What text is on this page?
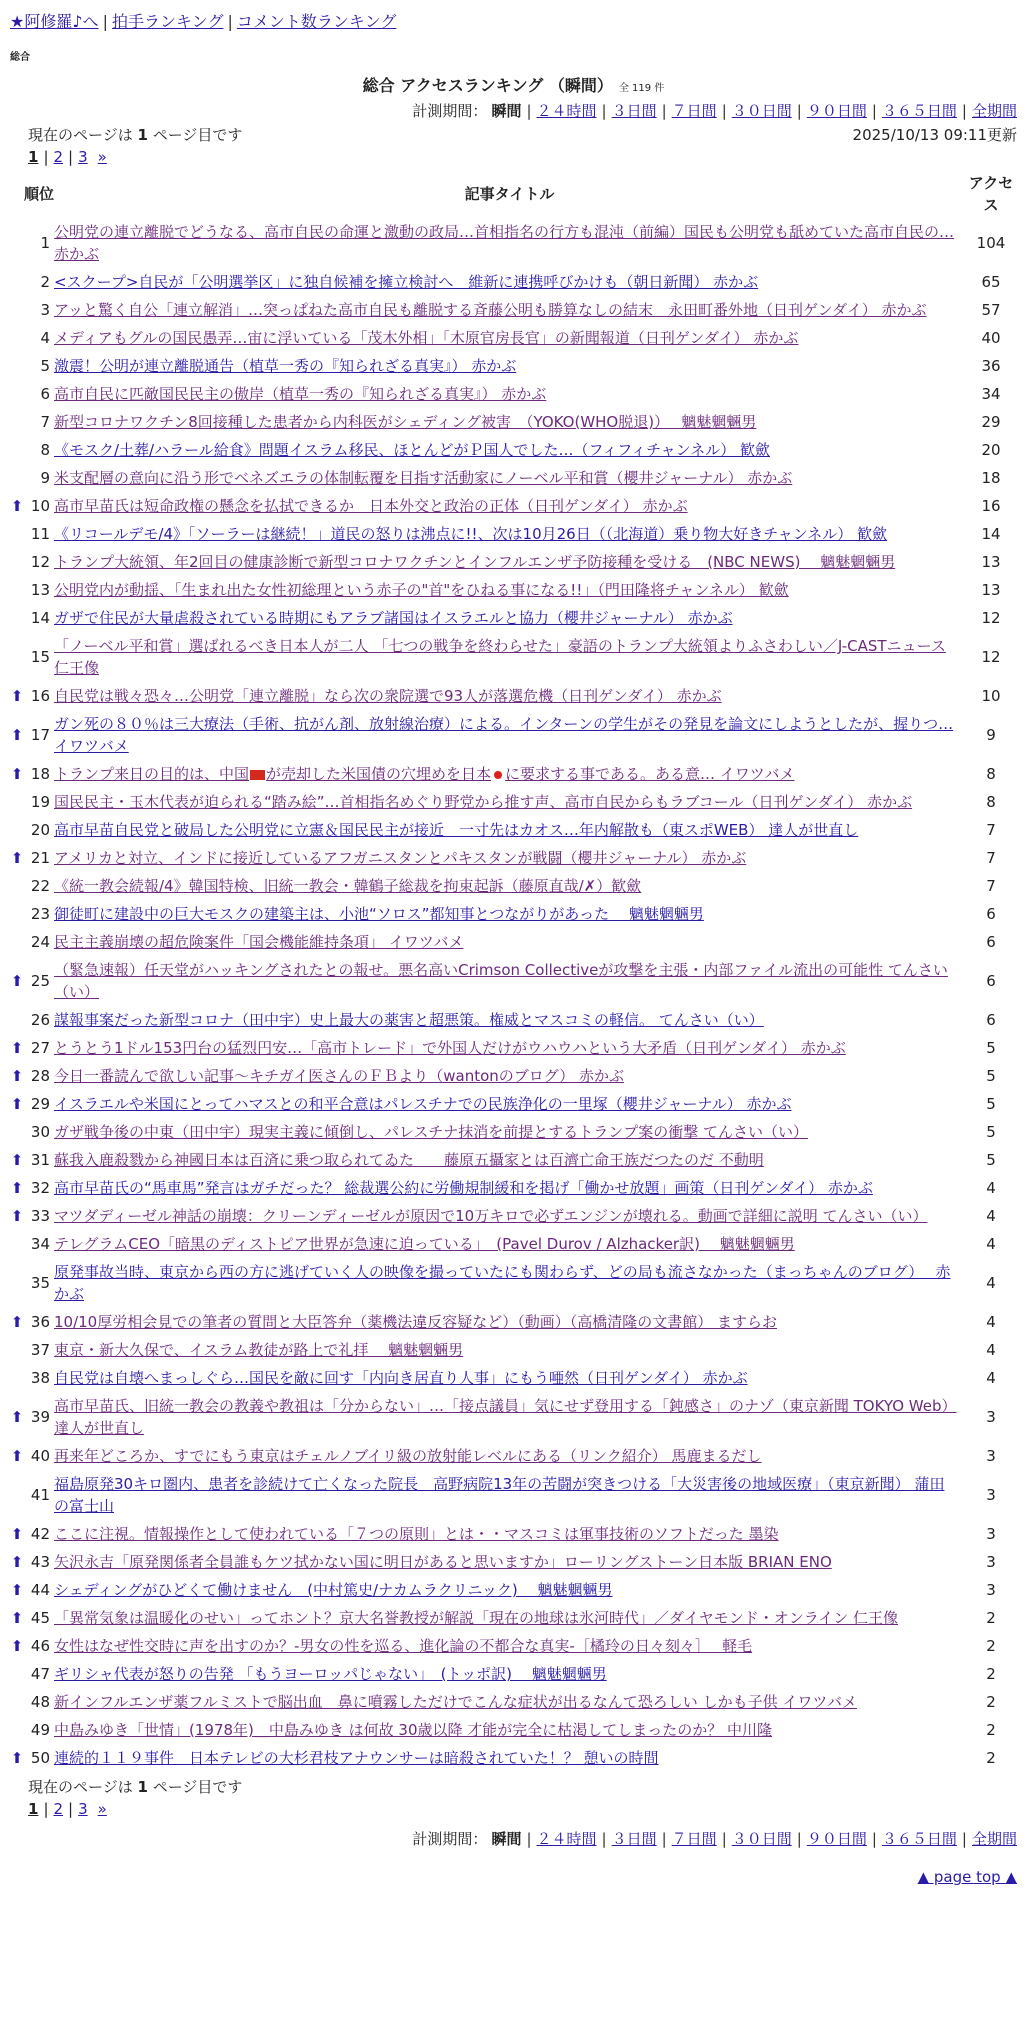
★阿修羅♪へ | 拍手ランキング | コメント数ランキング
総合
総合 アクセスランキング （瞬間） 全 119 件
計測期間： 瞬間 | ２４時間 | ３日間 | ７日間 | ３０日間 | ９０日間 | ３６５日間 | 全期間
現在のページは 1 ページ目です	2025/10/13 09:11更新
1 | 2 | 3 »
	順位	記事タイトル	アクセス
	1	公明党の連立離脱でどうなる、高市自民の命運と激動の政局…首相指名の行方も混沌（前編）国民も公明党も舐めていた高市自民の… 赤かぶ	104
	2	<スクープ>自民が「公明選挙区」に独自候補を擁立検討へ　維新に連携呼びかけも（朝日新聞） 赤かぶ	65
	3	アッと驚く自公「連立解消」…突っぱねた高市自民も離脱する斉藤公明も勝算なしの結末　永田町番外地（日刊ゲンダイ） 赤かぶ	57
	4	メディアもグルの国民愚弄…宙に浮いている「茂木外相」「木原官房長官」の新聞報道（日刊ゲンダイ） 赤かぶ	40
	5	激震！公明が連立離脱通告（植草一秀の『知られざる真実』） 赤かぶ	36
	6	高市自民に匹敵国民民主の傲岸（植草一秀の『知られざる真実』） 赤かぶ	34
	7	新型コロナワクチン8回接種した患者から内科医がシェディング被害　（YOKO(WHO脱退)）　 魑魅魍魎男	29
	8	《モスク/土葬/ハラール給食》問題イスラム移民、ほとんどがＰ国人でした…（フィフィチャンネル） 歓歛	20
	9	米支配層の意向に沿う形でベネズエラの体制転覆を目指す活動家にノーベル平和賞（櫻井ジャーナル） 赤かぶ	18
⬆	10	高市早苗氏は短命政権の懸念を払拭できるか　日本外交と政治の正体（日刊ゲンダイ） 赤かぶ	16
	11	《リコールデモ/4》「ソーラーは継続！」道民の怒りは沸点に!!、次は10月26日（（北海道）乗り物大好きチャンネル） 歓歛	14
	12	トランプ大統領、年2回目の健康診断で新型コロナワクチンとインフルエンザ予防接種を受ける　(NBC NEWS)　 魑魅魍魎男	13
	13	公明党内が動揺、「生まれ出た女性初総理という赤子の"首"をひねる事になる!!」（門田隆将チャンネル） 歓歛	13
	14	ガザで住民が大量虐殺されている時期にもアラブ諸国はイスラエルと協力（櫻井ジャーナル） 赤かぶ	12
	15	「ノーベル平和賞」選ばれるべき日本人が二人 「七つの戦争を終わらせた」豪語のトランプ大統領よりふさわしい／J-CASTニュース 仁王像	12
⬆	16	自民党は戦々恐々…公明党「連立離脱」なら次の衆院選で93人が落選危機（日刊ゲンダイ） 赤かぶ	10
⬆	17	ガン死の８０％は三大療法（手術、抗がん剤、放射線治療）による。インターンの学生がその発見を論文にしようとしたが、握りつ… イワツバメ	9
⬆	18	トランプ来日の目的は、中国 が売却した米国債の穴埋めを日本 に要求する事である。ある意… イワツバメ	8
	19	国民民主・玉木代表が迫られる“踏み絵”…首相指名めぐり野党から推す声、高市自民からもラブコール（日刊ゲンダイ） 赤かぶ	8
	20	高市早苗自民党と破局した公明党に立憲＆国民民主が接近　一寸先はカオス…年内解散も（東スポWEB） 達人が世直し	7
⬆	21	アメリカと対立、インドに接近しているアフガニスタンとパキスタンが戦闘（櫻井ジャーナル） 赤かぶ	7
	22	《統一教会続報/4》韓国特検、旧統一教会・韓鶴子総裁を拘束起訴（藤原直哉/✗）歓歛	7
	23	御徒町に建設中の巨大モスクの建築主は、小池“ソロス”都知事とつながりがあった　 魑魅魍魎男	6
	24	民主主義崩壊の超危険案件「国会機能維持条項」 イワツバメ	6
⬆	25	（緊急速報）任天堂がハッキングされたとの報せ。悪名高いCrimson Collectiveが攻撃を主張・内部ファイル流出の可能性 てんさい（い）	6
	26	謀報事案だった新型コロナ（田中宇）史上最大の薬害と超悪策。権威とマスコミの軽信。 てんさい（い）	6
⬆	27	とうとう1ドル153円台の猛烈円安…「高市トレード」で外国人だけがウハウハという大矛盾（日刊ゲンダイ） 赤かぶ	5
⬆	28	今日一番読んで欲しい記事〜キチガイ医さんのＦＢより（wantonのブログ） 赤かぶ	5
⬆	29	イスラエルや米国にとってハマスとの和平合意はパレスチナでの民族浄化の一里塚（櫻井ジャーナル） 赤かぶ	5
	30	ガザ戦争後の中東（田中宇）現実主義に傾倒し、パレスチナ抹消を前提とするトランプ案の衝撃 てんさい（い）	5
⬆	31	蘇我入鹿殺戮から神國日本は百済に乗つ取られてゐた　　藤原五攝家とは百濟亡命王族だつたのだ 不動明	5
⬆	32	高市早苗氏の“馬車馬”発言はガチだった？ 総裁選公約に労働規制緩和を掲げ「働かせ放題」画策（日刊ゲンダイ） 赤かぶ	4
⬆	33	マツダディーゼル神話の崩壊：クリーンディーゼルが原因で10万キロで必ずエンジンが壊れる。動画で詳細に説明 てんさい（い）	4
	34	テレグラムCEO「暗黒のディストピア世界が急速に迫っている」　(Pavel Durov / Alzhacker訳)　 魑魅魍魎男	4
	35	原発事故当時、東京から西の方に逃げていく人の映像を撮っていたにも関わらず、どの局も流さなかった（まっちゃんのブログ）　 赤かぶ	4
⬆	36	10/10厚労相会見での筆者の質問と大臣答弁（薬機法違反容疑など）（動画）（高橋清隆の文書館） ますらお	4
	37	東京・新大久保で、イスラム教徒が路上で礼拝　 魑魅魍魎男	4
	38	自民党は自壊へまっしぐら…国民を敵に回す「内向き居直り人事」にもう唖然（日刊ゲンダイ） 赤かぶ	4
⬆	39	高市早苗氏、旧統一教会の教義や教祖は「分からない」…「接点議員」気にせず登用する「鈍感さ」のナゾ（東京新聞 TOKYO Web） 達人が世直し	3
⬆	40	再来年どころか、すでにもう東京はチェルノブイリ級の放射能レベルにある（リンク紹介） 馬鹿まるだし	3
	41	福島原発30キロ圏内、患者を診続けて亡くなった院長　高野病院13年の苦闘が突きつける「大災害後の地域医療」（東京新聞） 蒲田の富士山	3
⬆	42	ここに注視。情報操作として使われている「７つの原則」とは・・マスコミは軍事技術のソフトだった 墨染	3
⬆	43	矢沢永吉「原発関係者全員誰もケツ拭かない国に明日があると思いますか」ローリングストーン日本版 BRIAN ENO	3
⬆	44	シェディングがひどくて働けません　(中村篤史/ナカムラクリニック)　 魑魅魍魎男	3
⬆	45	「異常気象は温暖化のせい」ってホント？京大名誉教授が解説「現在の地球は氷河時代」／ダイヤモンド・オンライン 仁王像	2
⬆	46	女性はなぜ性交時に声を出すのか？-男女の性を巡る、進化論の不都合な真実-［橘玲の日々刻々］　 軽毛	2
	47	ギリシャ代表が怒りの告発 「もうヨーロッパじゃない」　(トッポ訳)　 魑魅魍魎男	2
	48	新インフルエンザ薬フルミストで脳出血　鼻に噴霧しただけでこんな症状が出るなんて恐ろしい しかも子供 イワツバメ	2
	49	中島みゆき「世情」(1978年)＿中島みゆき は何故 30歳以降 才能が完全に枯渇してしまったのか？ 中川隆	2
⬆	50	連続的１１９事件　日本テレビの大杉君枝アナウンサーは暗殺されていた！？ 憩いの時間	2
現在のページは 1 ページ目です
1 | 2 | 3 »
計測期間： 瞬間 | ２４時間 | ３日間 | ７日間 | ３０日間 | ９０日間 | ３６５日間 | 全期間
▲ page top ▲
